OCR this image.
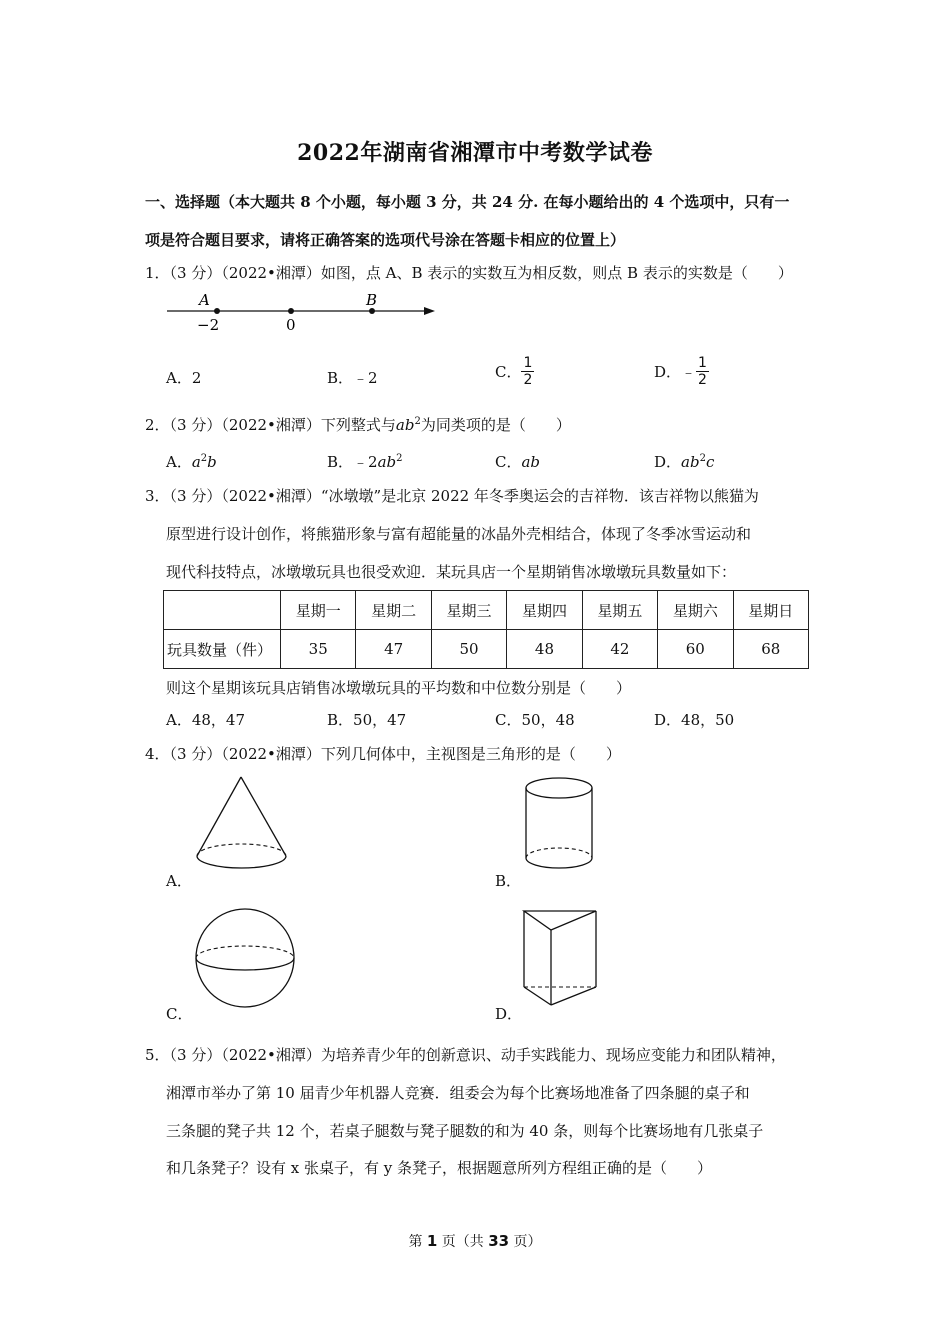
2022年湖南省湘潭市中考数学试卷
一、选择题（本大题共 8 个小题，每小题 3 分，共 24 分. 在每小题给出的 4 个选项中，只有一
项是符合题目要求，请将正确答案的选项代号涂在答题卡相应的位置上）
1．（3 分）（2022•湘潭）如图，点 A、B 表示的实数互为相反数，则点 B 表示的实数是（　　）
A	B
−2	0
A．2	B．﹣2	C． $\frac{1}{2}$	D．﹣ $\frac{1}{2}$
2．（3 分）（2022•湘潭）下列整式与$ab^2$为同类项的是（　　）
A．$a^2b$	B．$﹣2ab^2$	C．ab	D．$ab^2c$
3．（3 分）（2022•湘潭）“冰墩墩”是北京 2022 年冬季奥运会的吉祥物．该吉祥物以熊猫为
原型进行设计创作，将熊猫形象与富有超能量的冰晶外壳相结合，体现了冬季冰雪运动和
现代科技特点，冰墩墩玩具也很受欢迎．某玩具店一个星期销售冰墩墩玩具数量如下：
	星期一	星期二	星期三	星期四	星期五	星期六	星期日
玩具数量（件）	35	47	50	48	42	60	68
则这个星期该玩具店销售冰墩墩玩具的平均数和中位数分别是（　　）
A．48，47	B．50，47	C．50，48	D．48，50
4．（3 分）（2022•湘潭）下列几何体中，主视图是三角形的是（　　）
A．	B．
C．	D．
5．（3 分）（2022•湘潭）为培养青少年的创新意识、动手实践能力、现场应变能力和团队精神，
湘潭市举办了第 10 届青少年机器人竞赛．组委会为每个比赛场地准备了四条腿的桌子和
三条腿的凳子共 12 个，若桌子腿数与凳子腿数的和为 40 条，则每个比赛场地有几张桌子
和几条凳子？设有 x 张桌子，有 y 条凳子，根据题意所列方程组正确的是（　　）
第 1 页（共 33 页）
